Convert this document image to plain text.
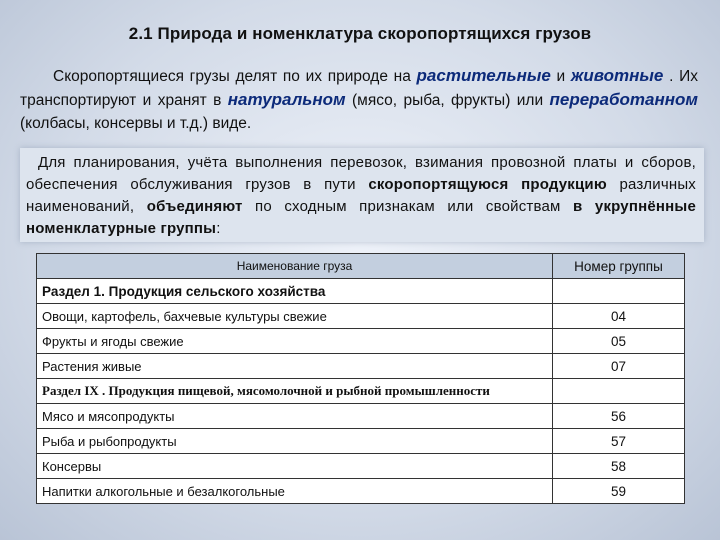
2.1 Природа и номенклатура скоропортящихся грузов
Скоропортящиеся грузы делят по их природе на растительные и животные . Их транспортируют и хранят в натуральном (мясо, рыба, фрукты) или переработанном (колбасы, консервы и т.д.) виде.
Для планирования, учёта выполнения перевозок, взимания провозной платы и сборов, обеспечения обслуживания грузов в пути скоропортящуюся продукцию различных наименований, объединяют по сходным признакам или свойствам в укрупнённые номенклатурные группы:
Наименование груза	Номер группы
Раздел 1. Продукция сельского хозяйства	
Овощи, картофель, бахчевые культуры свежие	04
Фрукты и ягоды свежие	05
Растения живые	07
Раздел IX . Продукция пищевой, мясомолочной и рыбной промышленности	
Мясо и мясопродукты	56
Рыба и рыбопродукты	57
Консервы	58
Напитки алкогольные и безалкогольные	59
